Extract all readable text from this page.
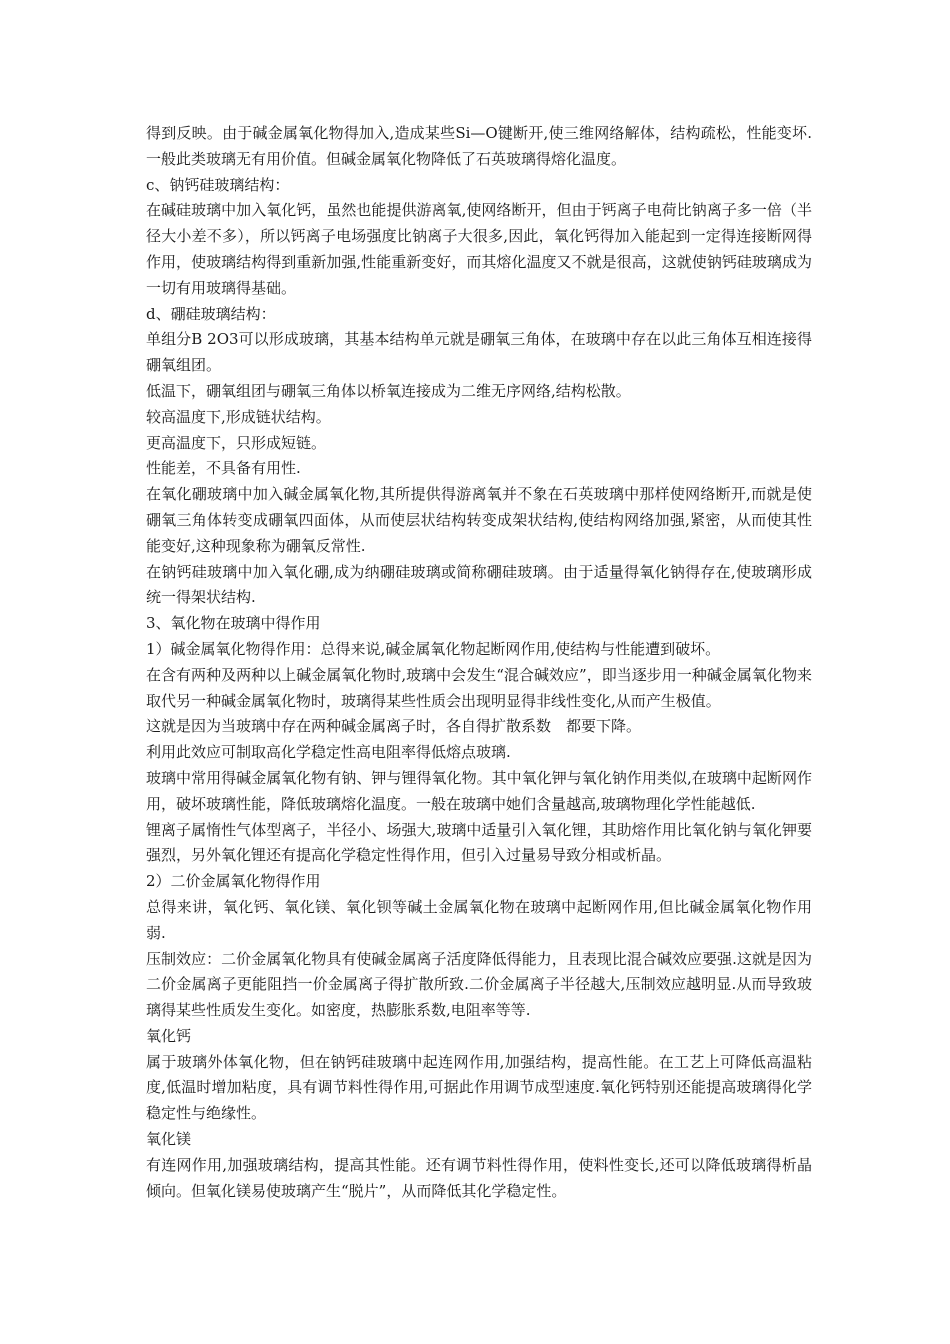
得到反映。由于碱金属氧化物得加入,造成某些Si—O键断开,使三维网络解体，结构疏松，性能变坏.一般此类玻璃无有用价值。但碱金属氧化物降低了石英玻璃得熔化温度。

c、钠钙硅玻璃结构：

在碱硅玻璃中加入氧化钙，虽然也能提供游离氧,使网络断开，但由于钙离子电荷比钠离子多一倍（半径大小差不多），所以钙离子电场强度比钠离子大很多,因此，氧化钙得加入能起到一定得连接断网得作用，使玻璃结构得到重新加强,性能重新变好，而其熔化温度又不就是很高，这就使钠钙硅玻璃成为一切有用玻璃得基础。

d、硼硅玻璃结构：

单组分B 2O3可以形成玻璃，其基本结构单元就是硼氧三角体，在玻璃中存在以此三角体互相连接得硼氧组团。

低温下，硼氧组团与硼氧三角体以桥氧连接成为二维无序网络,结构松散。

较高温度下,形成链状结构。

更高温度下，只形成短链。

性能差，不具备有用性.

在氧化硼玻璃中加入碱金属氧化物,其所提供得游离氧并不象在石英玻璃中那样使网络断开,而就是使硼氧三角体转变成硼氧四面体，从而使层状结构转变成架状结构,使结构网络加强,紧密，从而使其性能变好,这种现象称为硼氧反常性.

在钠钙硅玻璃中加入氧化硼,成为纳硼硅玻璃或简称硼硅玻璃。由于适量得氧化钠得存在,使玻璃形成统一得架状结构.

3、氧化物在玻璃中得作用

1）碱金属氧化物得作用：总得来说,碱金属氧化物起断网作用,使结构与性能遭到破坏。

在含有两种及两种以上碱金属氧化物时,玻璃中会发生“混合碱效应”，即当逐步用一种碱金属氧化物来取代另一种碱金属氧化物时，玻璃得某些性质会出现明显得非线性变化,从而产生极值。

这就是因为当玻璃中存在两种碱金属离子时，各自得扩散系数　都要下降。

利用此效应可制取高化学稳定性高电阻率得低熔点玻璃.

玻璃中常用得碱金属氧化物有钠、钾与锂得氧化物。其中氧化钾与氧化钠作用类似,在玻璃中起断网作用，破坏玻璃性能，降低玻璃熔化温度。一般在玻璃中她们含量越高,玻璃物理化学性能越低.

锂离子属惰性气体型离子，半径小、场强大,玻璃中适量引入氧化锂，其助熔作用比氧化钠与氧化钾要强烈，另外氧化锂还有提高化学稳定性得作用，但引入过量易导致分相或析晶。

2）二价金属氧化物得作用

总得来讲，氧化钙、氧化镁、氧化钡等碱土金属氧化物在玻璃中起断网作用,但比碱金属氧化物作用弱.

压制效应：二价金属氧化物具有使碱金属离子活度降低得能力，且表现比混合碱效应要强.这就是因为二价金属离子更能阻挡一价金属离子得扩散所致.二价金属离子半径越大,压制效应越明显.从而导致玻璃得某些性质发生变化。如密度，热膨胀系数,电阻率等等.

氧化钙

属于玻璃外体氧化物，但在钠钙硅玻璃中起连网作用,加强结构，提高性能。在工艺上可降低高温粘度,低温时增加粘度，具有调节料性得作用,可据此作用调节成型速度.氧化钙特别还能提高玻璃得化学稳定性与绝缘性。

氧化镁

有连网作用,加强玻璃结构，提高其性能。还有调节料性得作用，使料性变长,还可以降低玻璃得析晶倾向。但氧化镁易使玻璃产生“脱片”，从而降低其化学稳定性。
